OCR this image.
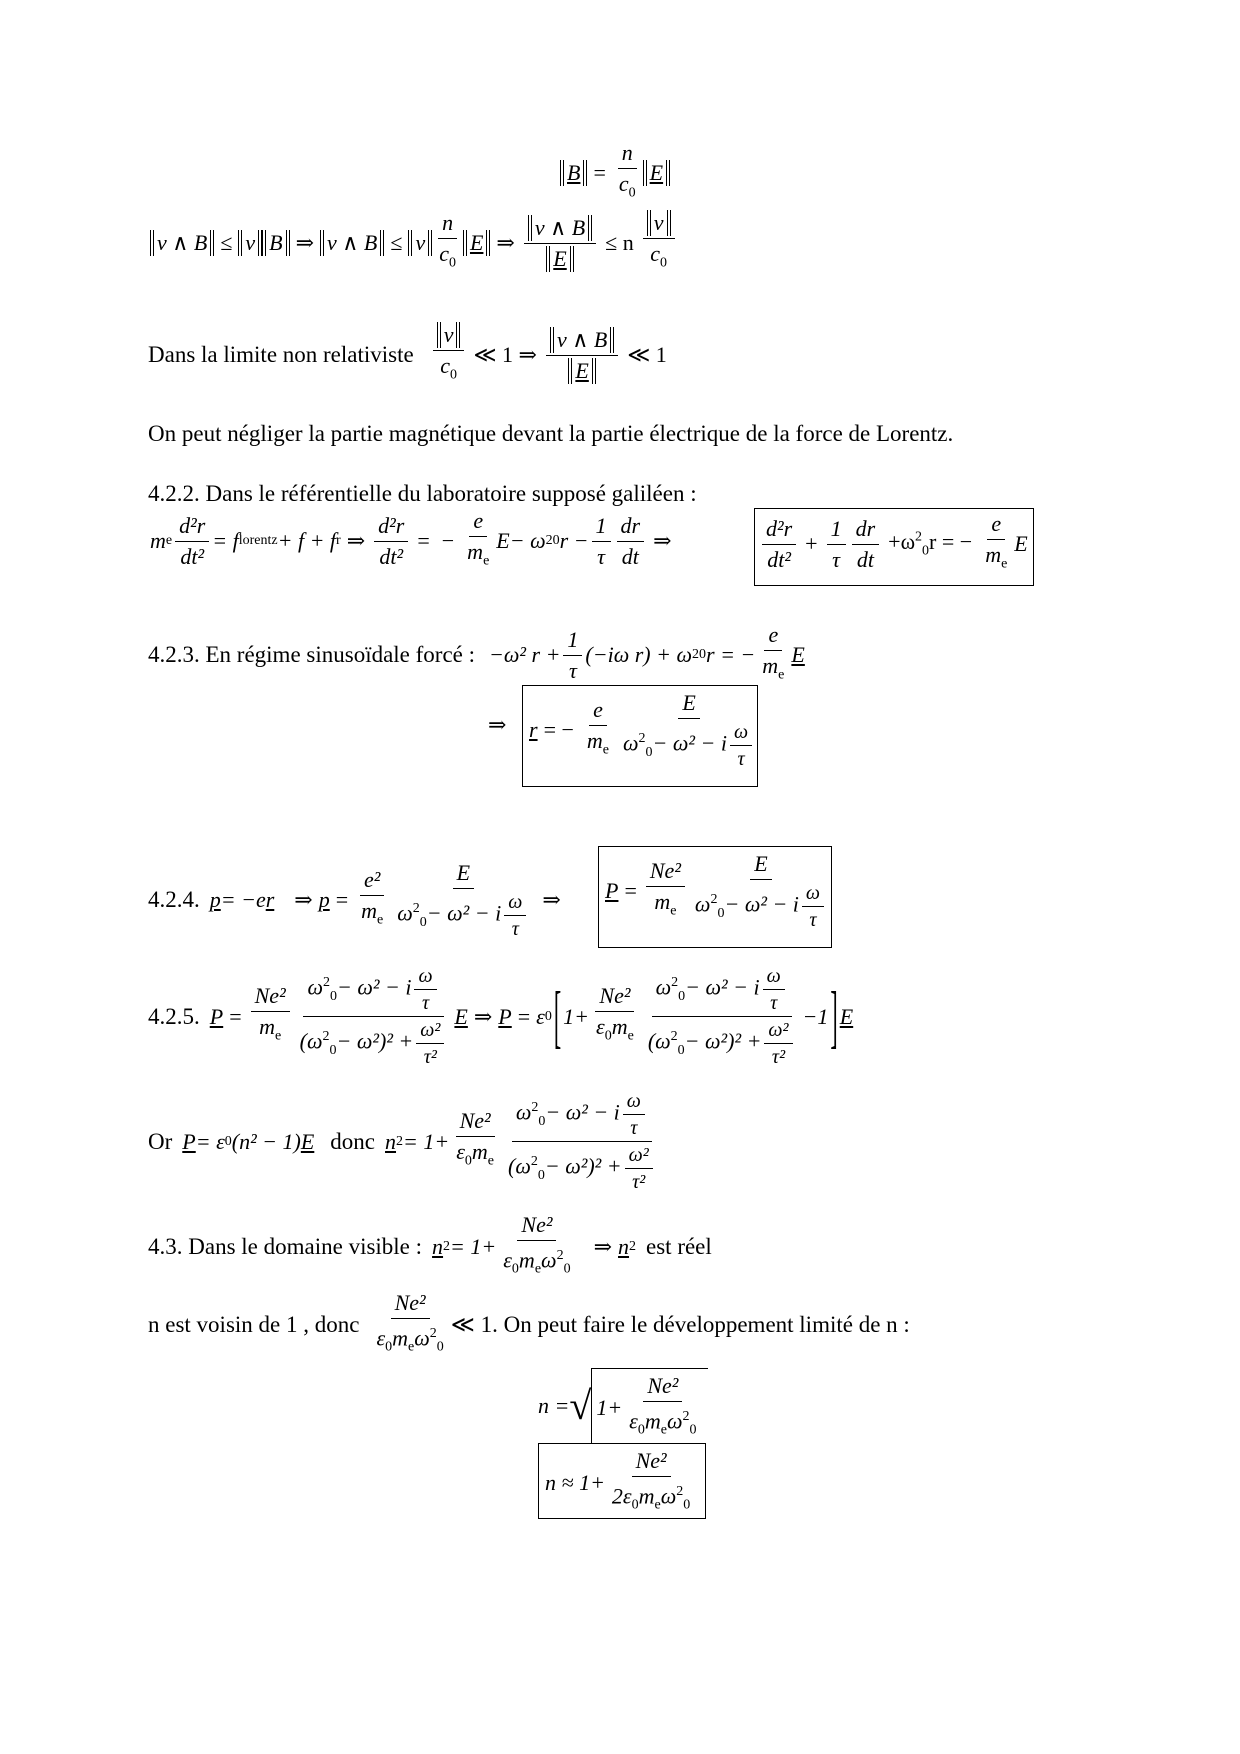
$B = \frac{n}{c_0}$ E
v ∧ B ≤ v B ⇒ v ∧ B ≤ v $\frac{n}{c_0}$ E ⇒ $\frac{v \wedge B}{E} \le n \frac{v}{c_0}$
Dans la limite non relativiste $\frac{v}{c_0}$ ≪ 1 ⇒ $\frac{v \wedge B}{E}$ ≪ 1
On peut négliger la partie magnétique devant la partie électrique de la force de Lorentz.
4.2.2. Dans le référentielle du laboratoire supposé galiléen :
m e $\frac{\text{d²r}}{\text{dt²}} = f$ lorentz + f + f r ⇒ $\frac{\text{d²r}}{\text{dt²}}$ = − $\frac{e}{m_e}$ E − ω 2 0 $r - \frac{1}{\tau} \frac{dr}{dt}$ ⇒	$\frac{\text{d²r}}{\text{dt²}} + \frac{1}{\tau} \frac{dr}{dt} +\omega^2_0r$ = − $\frac{e}{m_e}$ E
4.2.3. En régime sinusoïdale forcé : −ω² $r + \frac{1}{\tau} (-i\omega$ r) + ω 2 0 r = − $\frac{e}{m_e}$ E
⇒ r = − $\frac{e}{m_e} \frac{E}{\omega^2_0- \omega^2 - i \frac{\omega}{\tau}}$
4.2.4. p = −e r ⇒ $p = \frac{\text{e²}}{m_e} \frac{E}{\omega^2_0- \omega^2 - i \frac{\omega}{\tau}}$ ⇒ $P = \frac{\text{Ne²}}{m_e} \frac{E}{\omega^2_0- \omega^2 - i \frac{\omega}{\tau}}$
4.2.5. $P = \frac{\text{Ne²}}{m_e} \frac{\omega^2_0- \omega^2 - i \frac{\omega}{\tau}}{(\omega^2_0- \omega^2)^2 + \frac{\text{ω²}}{\text{τ²}}}$ E ⇒ P = ε 0 [ $1+ \frac{\text{Ne²}}{\varepsilon_0m_e} \frac{\omega^2_0- \omega^2 - i \frac{\omega}{\tau}}{(\omega^2_0- \omega^2)^2 + \frac{\text{ω²}}{\text{τ²}}} -1$ ] E
Or P = ε 0 (n² − 1) E donc n $2 = 1+ \frac{\text{Ne²}}{\varepsilon_0m_e} \frac{\omega^2_0- \omega^2 - i \frac{\omega}{\tau}}{(\omega^2_0- \omega^2)^2 + \frac{\text{ω²}}{\text{τ²}}}$
4.3. Dans le domaine visible : n $2 = 1+ \frac{\text{Ne²}}{\varepsilon_0m_e\omega^2_0}$ ⇒ n 2 est réel
n est voisin de 1 , donc $\frac{\text{Ne²}}{\varepsilon_0m_e\omega^2_0}$ ≪ 1. On peut faire le développement limité de n :
n = √ $1+ \frac{\text{Ne²}}{\varepsilon_0m_e\omega^2_0}$
$n \approx 1+ \frac{\text{Ne²}}{2\varepsilon_0m_e\omega^2_0}$
